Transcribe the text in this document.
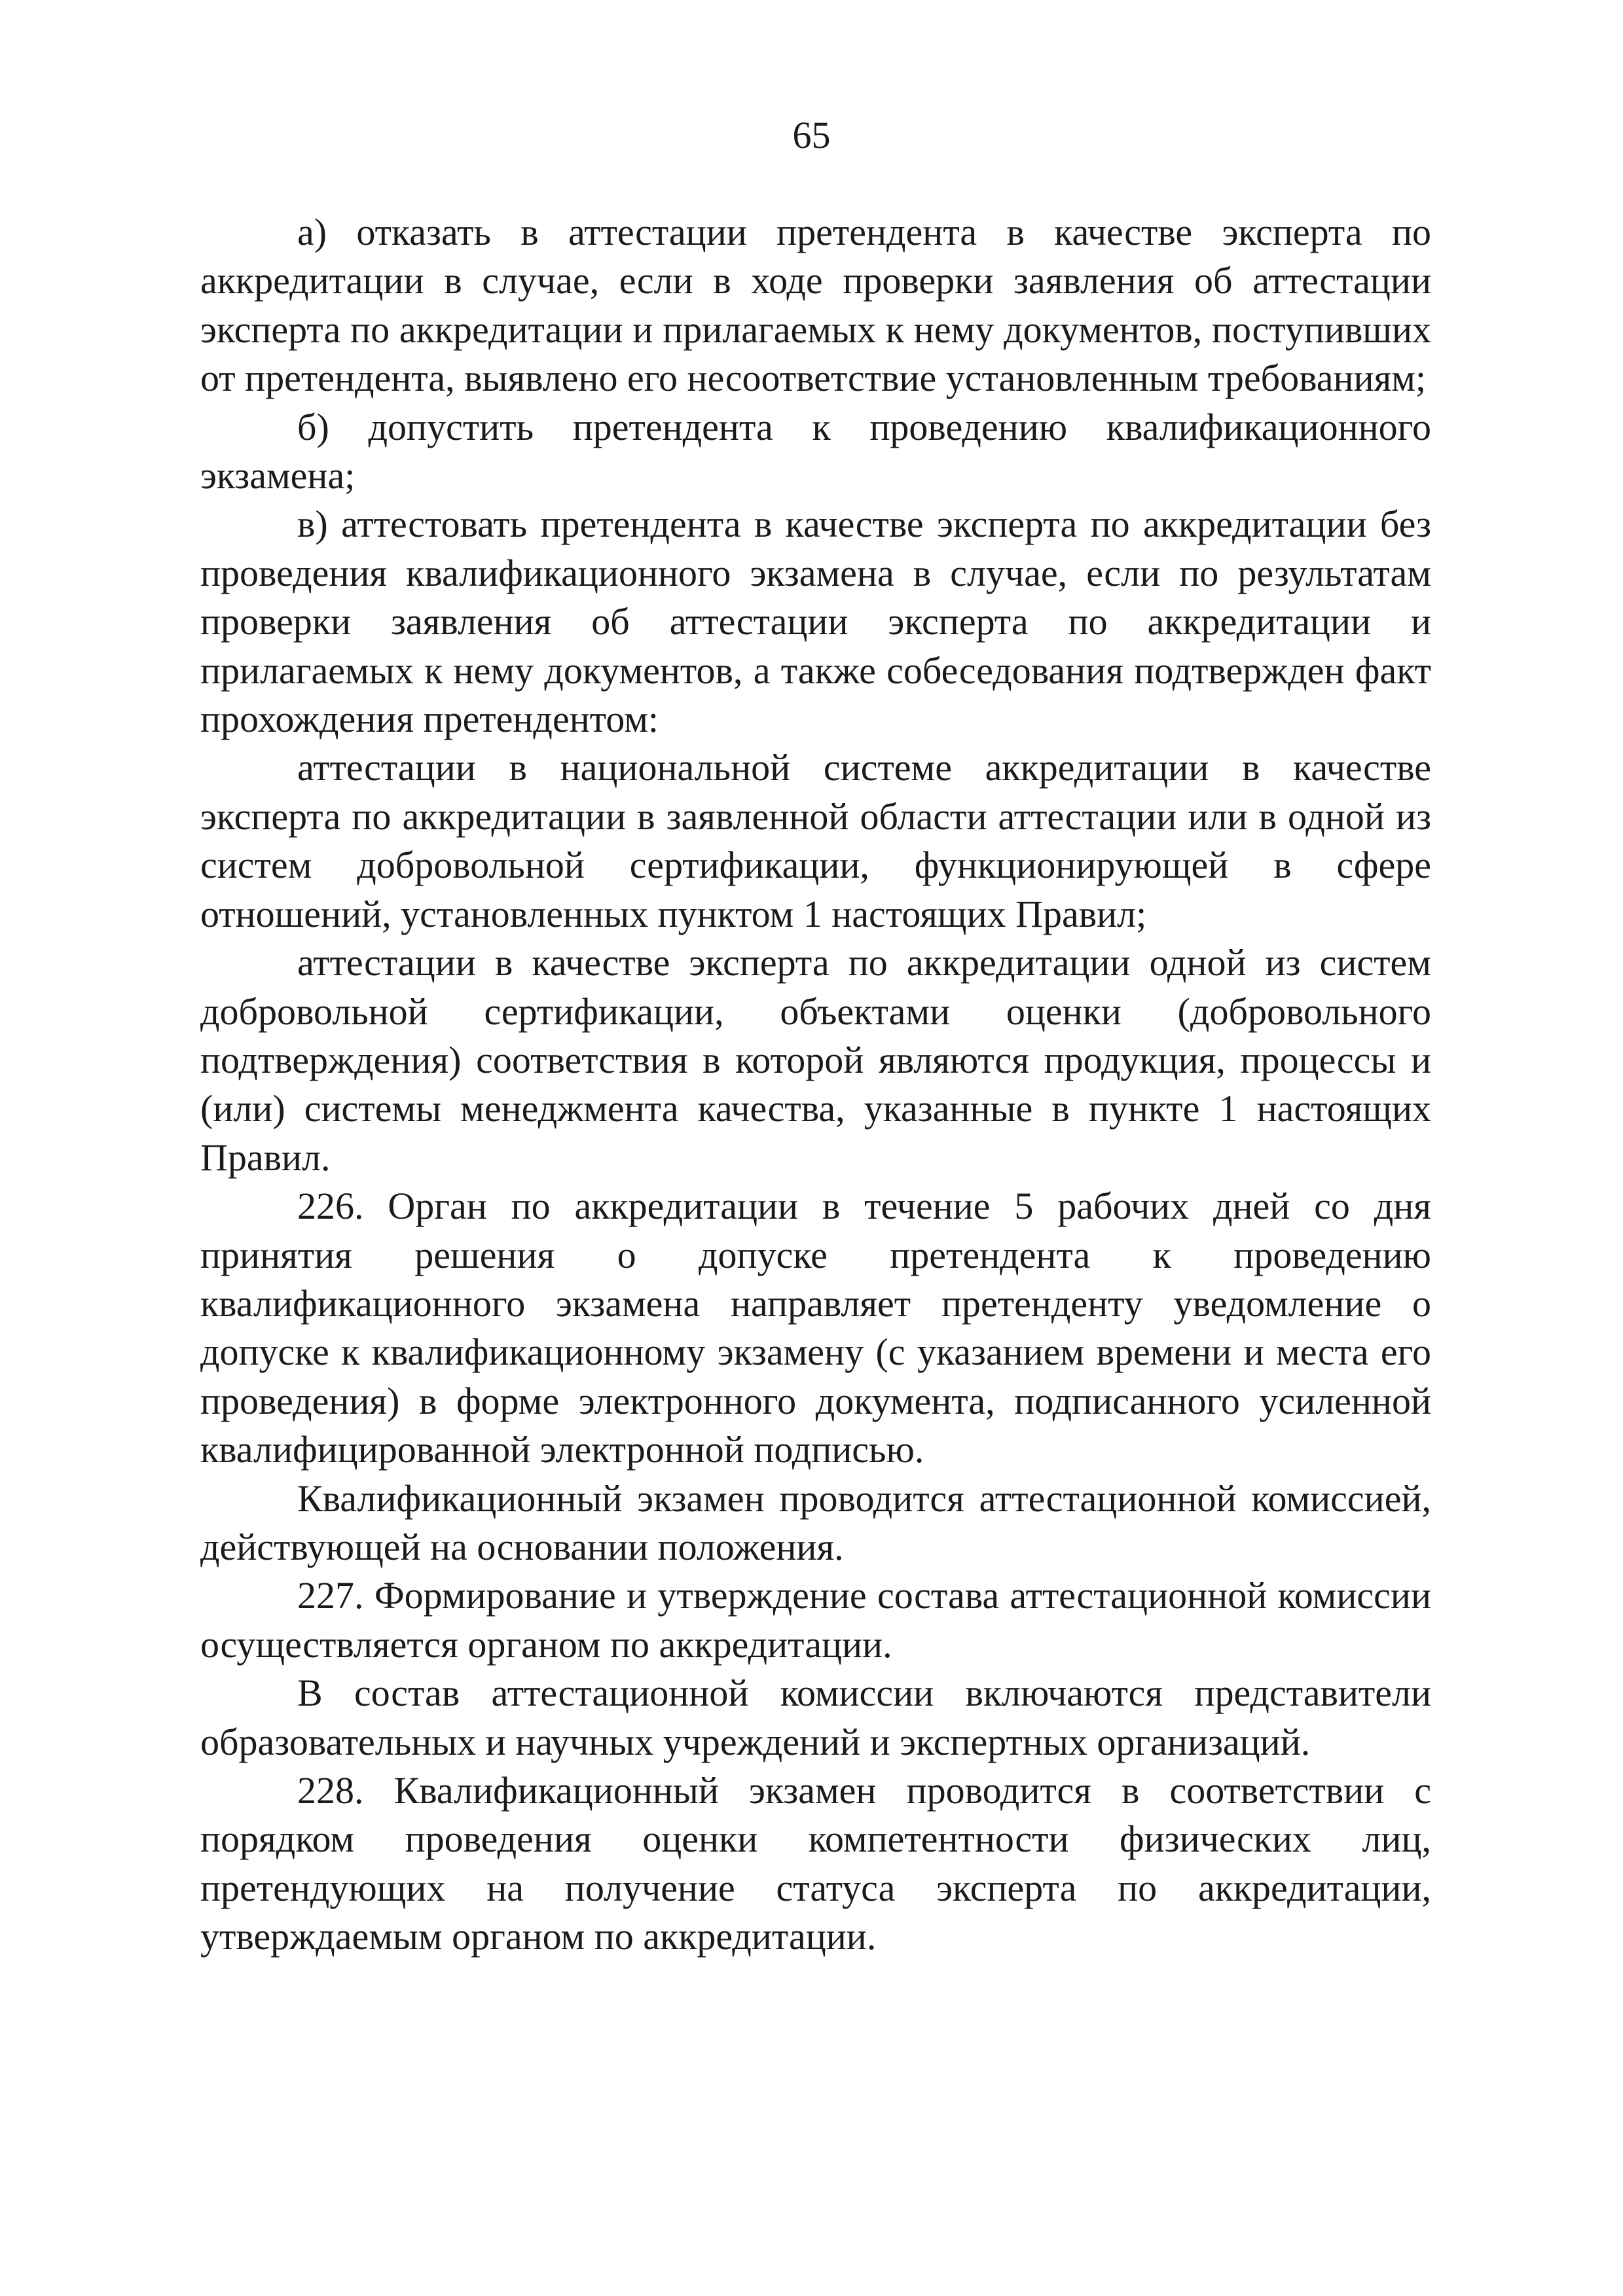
65

а) отказать в аттестации претендента в качестве эксперта по аккредитации в случае, если в ходе проверки заявления об аттестации эксперта по аккредитации и прилагаемых к нему документов, поступивших от претендента, выявлено его несоответствие установленным требованиям;

б) допустить претендента к проведению квалификационного экзамена;

в) аттестовать претендента в качестве эксперта по аккредитации без проведения квалификационного экзамена в случае, если по результатам проверки заявления об аттестации эксперта по аккредитации и прилагаемых к нему документов, а также собеседования подтвержден факт прохождения претендентом:

аттестации в национальной системе аккредитации в качестве эксперта по аккредитации в заявленной области аттестации или в одной из систем добровольной сертификации, функционирующей в сфере отношений, установленных пунктом 1 настоящих Правил;

аттестации в качестве эксперта по аккредитации одной из систем добровольной сертификации, объектами оценки (добровольного подтверждения) соответствия в которой являются продукция, процессы и (или) системы менеджмента качества, указанные в пункте 1 настоящих Правил.

226. Орган по аккредитации в течение 5 рабочих дней со дня принятия решения о допуске претендента к проведению квалификационного экзамена направляет претенденту уведомление о допуске к квалификационному экзамену (с указанием времени и места его проведения) в форме электронного документа, подписанного усиленной квалифицированной электронной подписью.

Квалификационный экзамен проводится аттестационной комиссией, действующей на основании положения.

227. Формирование и утверждение состава аттестационной комиссии осуществляется органом по аккредитации.

В состав аттестационной комиссии включаются представители образовательных и научных учреждений и экспертных организаций.

228. Квалификационный экзамен проводится в соответствии с порядком проведения оценки компетентности физических лиц, претендующих на получение статуса эксперта по аккредитации, утверждаемым органом по аккредитации.
